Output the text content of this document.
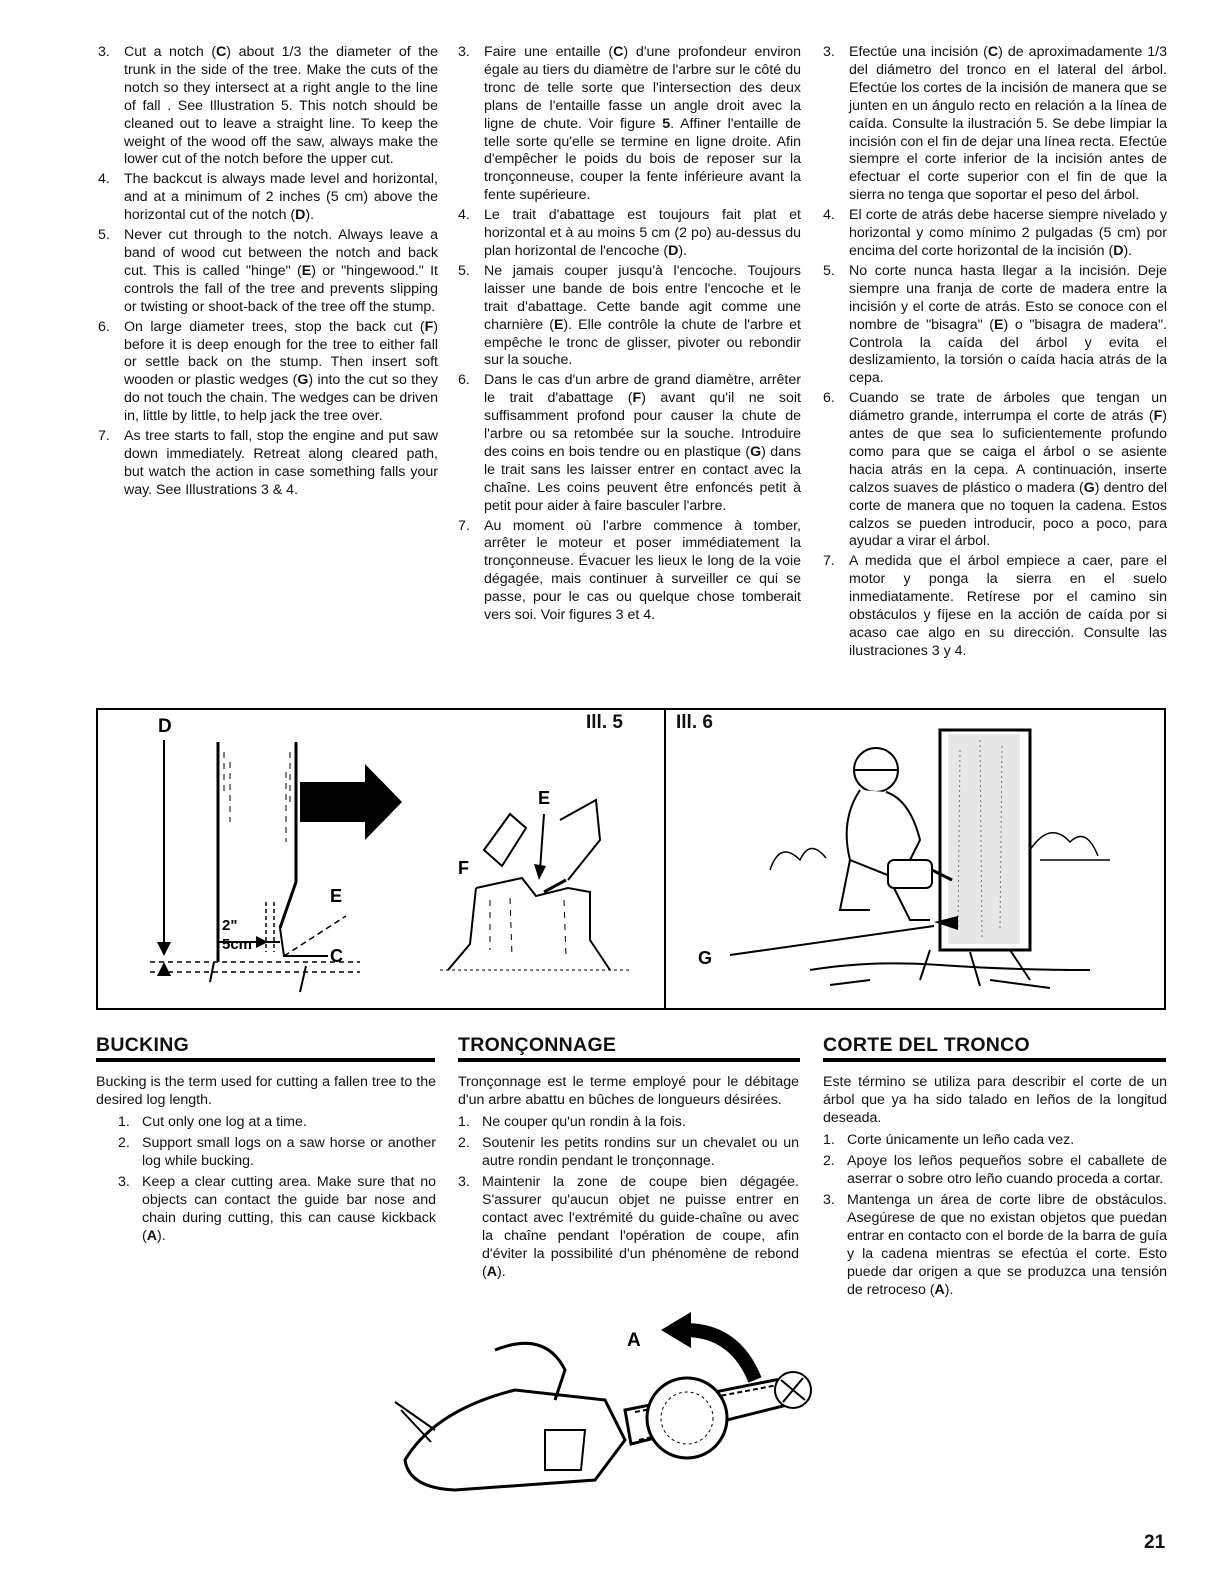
3. Cut a notch (C) about 1/3 the diameter of the trunk in the side of the tree. Make the cuts of the notch so they intersect at a right angle to the line of fall . See Illustration 5. This notch should be cleaned out to leave a straight line. To keep the weight of the wood off the saw, always make the lower cut of the notch before the upper cut.
4. The backcut is always made level and horizontal, and at a minimum of 2 inches (5 cm) above the horizontal cut of the notch (D).
5. Never cut through to the notch. Always leave a band of wood cut between the notch and back cut. This is called "hinge" (E) or "hingewood." It controls the fall of the tree and prevents slipping or twisting or shoot-back of the tree off the stump.
6. On large diameter trees, stop the back cut (F) before it is deep enough for the tree to either fall or settle back on the stump. Then insert soft wooden or plastic wedges (G) into the cut so they do not touch the chain. The wedges can be driven in, little by little, to help jack the tree over.
7. As tree starts to fall, stop the engine and put saw down immediately. Retreat along cleared path, but watch the action in case something falls your way. See Illustrations 3 & 4.
3. Faire une entaille (C) d'une profondeur environ égale au tiers du diamètre de l'arbre sur le côté du tronc de telle sorte que l'intersection des deux plans de l'entaille fasse un angle droit avec la ligne de chute. Voir figure 5. Affiner l'entaille de telle sorte qu'elle se termine en ligne droite. Afin d'empêcher le poids du bois de reposer sur la tronçonneuse, couper la fente inférieure avant la fente supérieure.
4. Le trait d'abattage est toujours fait plat et horizontal et à au moins 5 cm (2 po) au-dessus du plan horizontal de l'encoche (D).
5. Ne jamais couper jusqu'à l'encoche. Toujours laisser une bande de bois entre l'encoche et le trait d'abattage. Cette bande agit comme une charnière (E). Elle contrôle la chute de l'arbre et empêche le tronc de glisser, pivoter ou rebondir sur la souche.
6. Dans le cas d'un arbre de grand diamètre, arrêter le trait d'abattage (F) avant qu'il ne soit suffisamment profond pour causer la chute de l'arbre ou sa retombée sur la souche. Introduire des coins en bois tendre ou en plastique (G) dans le trait sans les laisser entrer en contact avec la chaîne. Les coins peuvent être enfoncés petit à petit pour aider à faire basculer l'arbre.
7. Au moment où l'arbre commence à tomber, arrêter le moteur et poser immédiatement la tronçonneuse. Évacuer les lieux le long de la voie dégagée, mais continuer à surveiller ce qui se passe, pour le cas ou quelque chose tomberait vers soi. Voir figures 3 et 4.
3. Efectúe una incisión (C) de aproximadamente 1/3 del diámetro del tronco en el lateral del árbol. Efectúe los cortes de la incisión de manera que se junten en un ángulo recto en relación a la línea de caída. Consulte la ilustración 5. Se debe limpiar la incisión con el fin de dejar una línea recta. Efectúe siempre el corte inferior de la incisión antes de efectuar el corte superior con el fin de que la sierra no tenga que soportar el peso del árbol.
4. El corte de atrás debe hacerse siempre nivelado y horizontal y como mínimo 2 pulgadas (5 cm) por encima del corte horizontal de la incisión (D).
5. No corte nunca hasta llegar a la incisión. Deje siempre una franja de corte de madera entre la incisión y el corte de atrás. Esto se conoce con el nombre de "bisagra" (E) o "bisagra de madera". Controla la caída del árbol y evita el deslizamiento, la torsión o caída hacia atrás de la cepa.
6. Cuando se trate de árboles que tengan un diámetro grande, interrumpa el corte de atrás (F) antes de que sea lo suficientemente profundo como para que se caiga el árbol o se asiente hacia atrás en la cepa. A continuación, inserte calzos suaves de plástico o madera (G) dentro del corte de manera que no toquen la cadena. Estos calzos se pueden introducir, poco a poco, para ayudar a virar el árbol.
7. A medida que el árbol empiece a caer, pare el motor y ponga la sierra en el suelo inmediatamente. Retírese por el camino sin obstáculos y fíjese en la acción de caída por si acaso cae algo en su dirección. Consulte las ilustraciones 3 y 4.
Ill. 5	Ill. 6
D
E
C
2"
5cm
E
F
G
BUCKING

Bucking is the term used for cutting a fallen tree to the desired log length.

1. Cut only one log at a time.
2. Support small logs on a saw horse or another log while bucking.
3. Keep a clear cutting area. Make sure that no objects can contact the guide bar nose and chain during cutting, this can cause kickback (A).
TRONÇONNAGE

Tronçonnage est le terme employé pour le débitage d'un arbre abattu en bûches de longueurs désirées.

1. Ne couper qu'un rondin à la fois.
2. Soutenir les petits rondins sur un chevalet ou un autre rondin pendant le tronçonnage.
3. Maintenir la zone de coupe bien dégagée. S'assurer qu'aucun objet ne puisse entrer en contact avec l'extrémité du guide-chaîne ou avec la chaîne pendant l'opération de coupe, afin d'éviter la possibilité d'un phénomène de rebond (A).
CORTE DEL TRONCO

Este término se utiliza para describir el corte de un árbol que ya ha sido talado en leños de la longitud deseada.

1. Corte únicamente un leño cada vez.
2. Apoye los leños pequeños sobre el caballete de aserrar o sobre otro leño cuando proceda a cortar.
3. Mantenga un área de corte libre de obstáculos. Asegúrese de que no existan objetos que puedan entrar en contacto con el borde de la barra de guía y la cadena mientras se efectúa el corte. Esto puede dar origen a que se produzca una tensión de retroceso (A).
A
21
